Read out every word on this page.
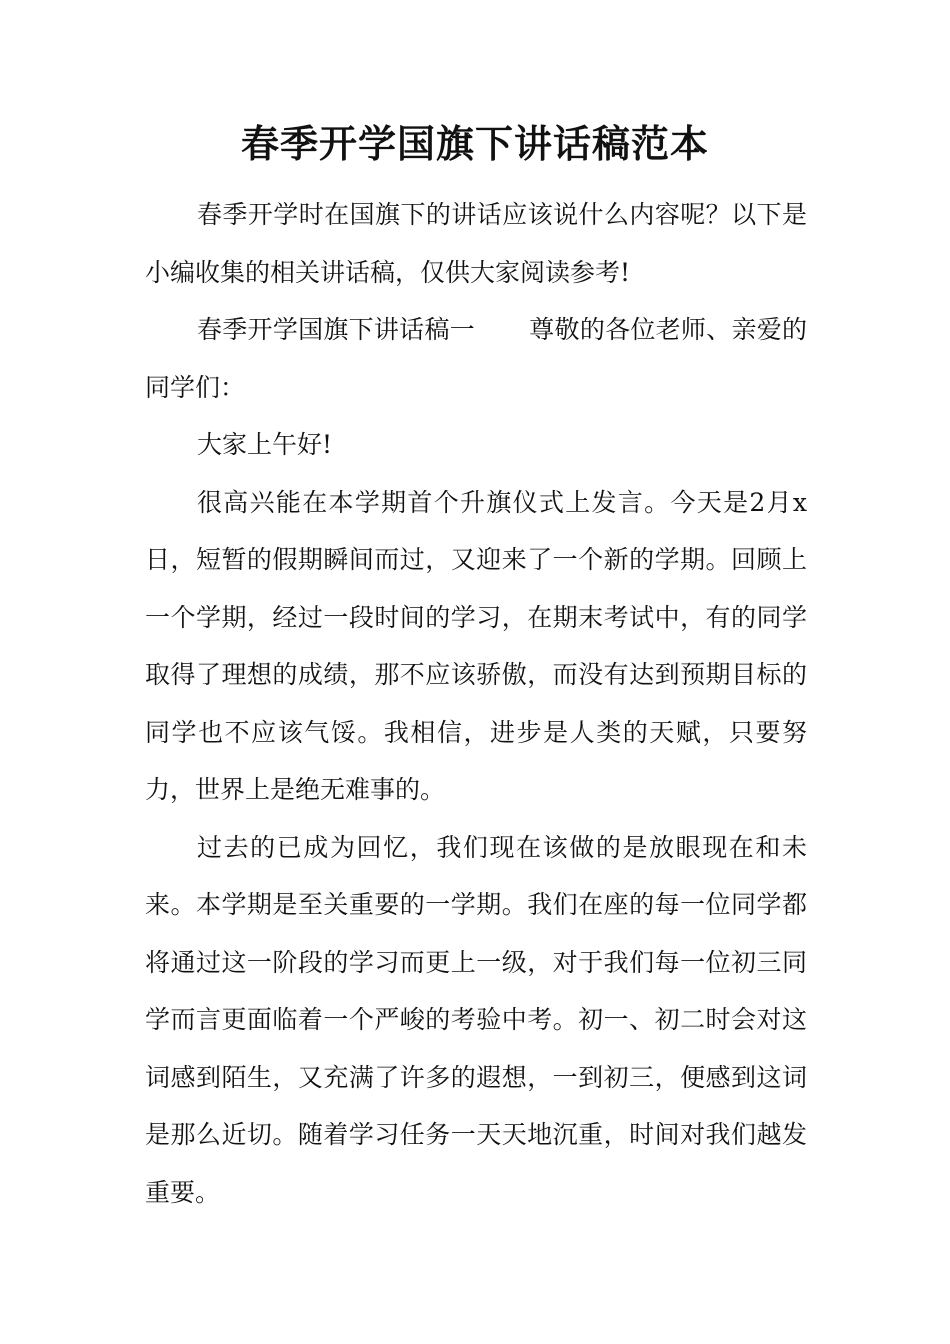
春季开学国旗下讲话稿范本

春季开学时在国旗下的讲话应该说什么内容呢？以下是小编收集的相关讲话稿，仅供大家阅读参考!

春季开学国旗下讲话稿一 尊敬的各位老师、亲爱的同学们：

大家上午好!

很高兴能在本学期首个升旗仪式上发言。今天是2月x日，短暂的假期瞬间而过，又迎来了一个新的学期。回顾上一个学期，经过一段时间的学习，在期末考试中，有的同学取得了理想的成绩，那不应该骄傲，而没有达到预期目标的同学也不应该气馁。我相信，进步是人类的天赋，只要努力，世界上是绝无难事的。

过去的已成为回忆，我们现在该做的是放眼现在和未来。本学期是至关重要的一学期。我们在座的每一位同学都将通过这一阶段的学习而更上一级，对于我们每一位初三同学而言更面临着一个严峻的考验中考。初一、初二时会对这词感到陌生，又充满了许多的遐想，一到初三，便感到这词是那么近切。随着学习任务一天天地沉重，时间对我们越发重要。
